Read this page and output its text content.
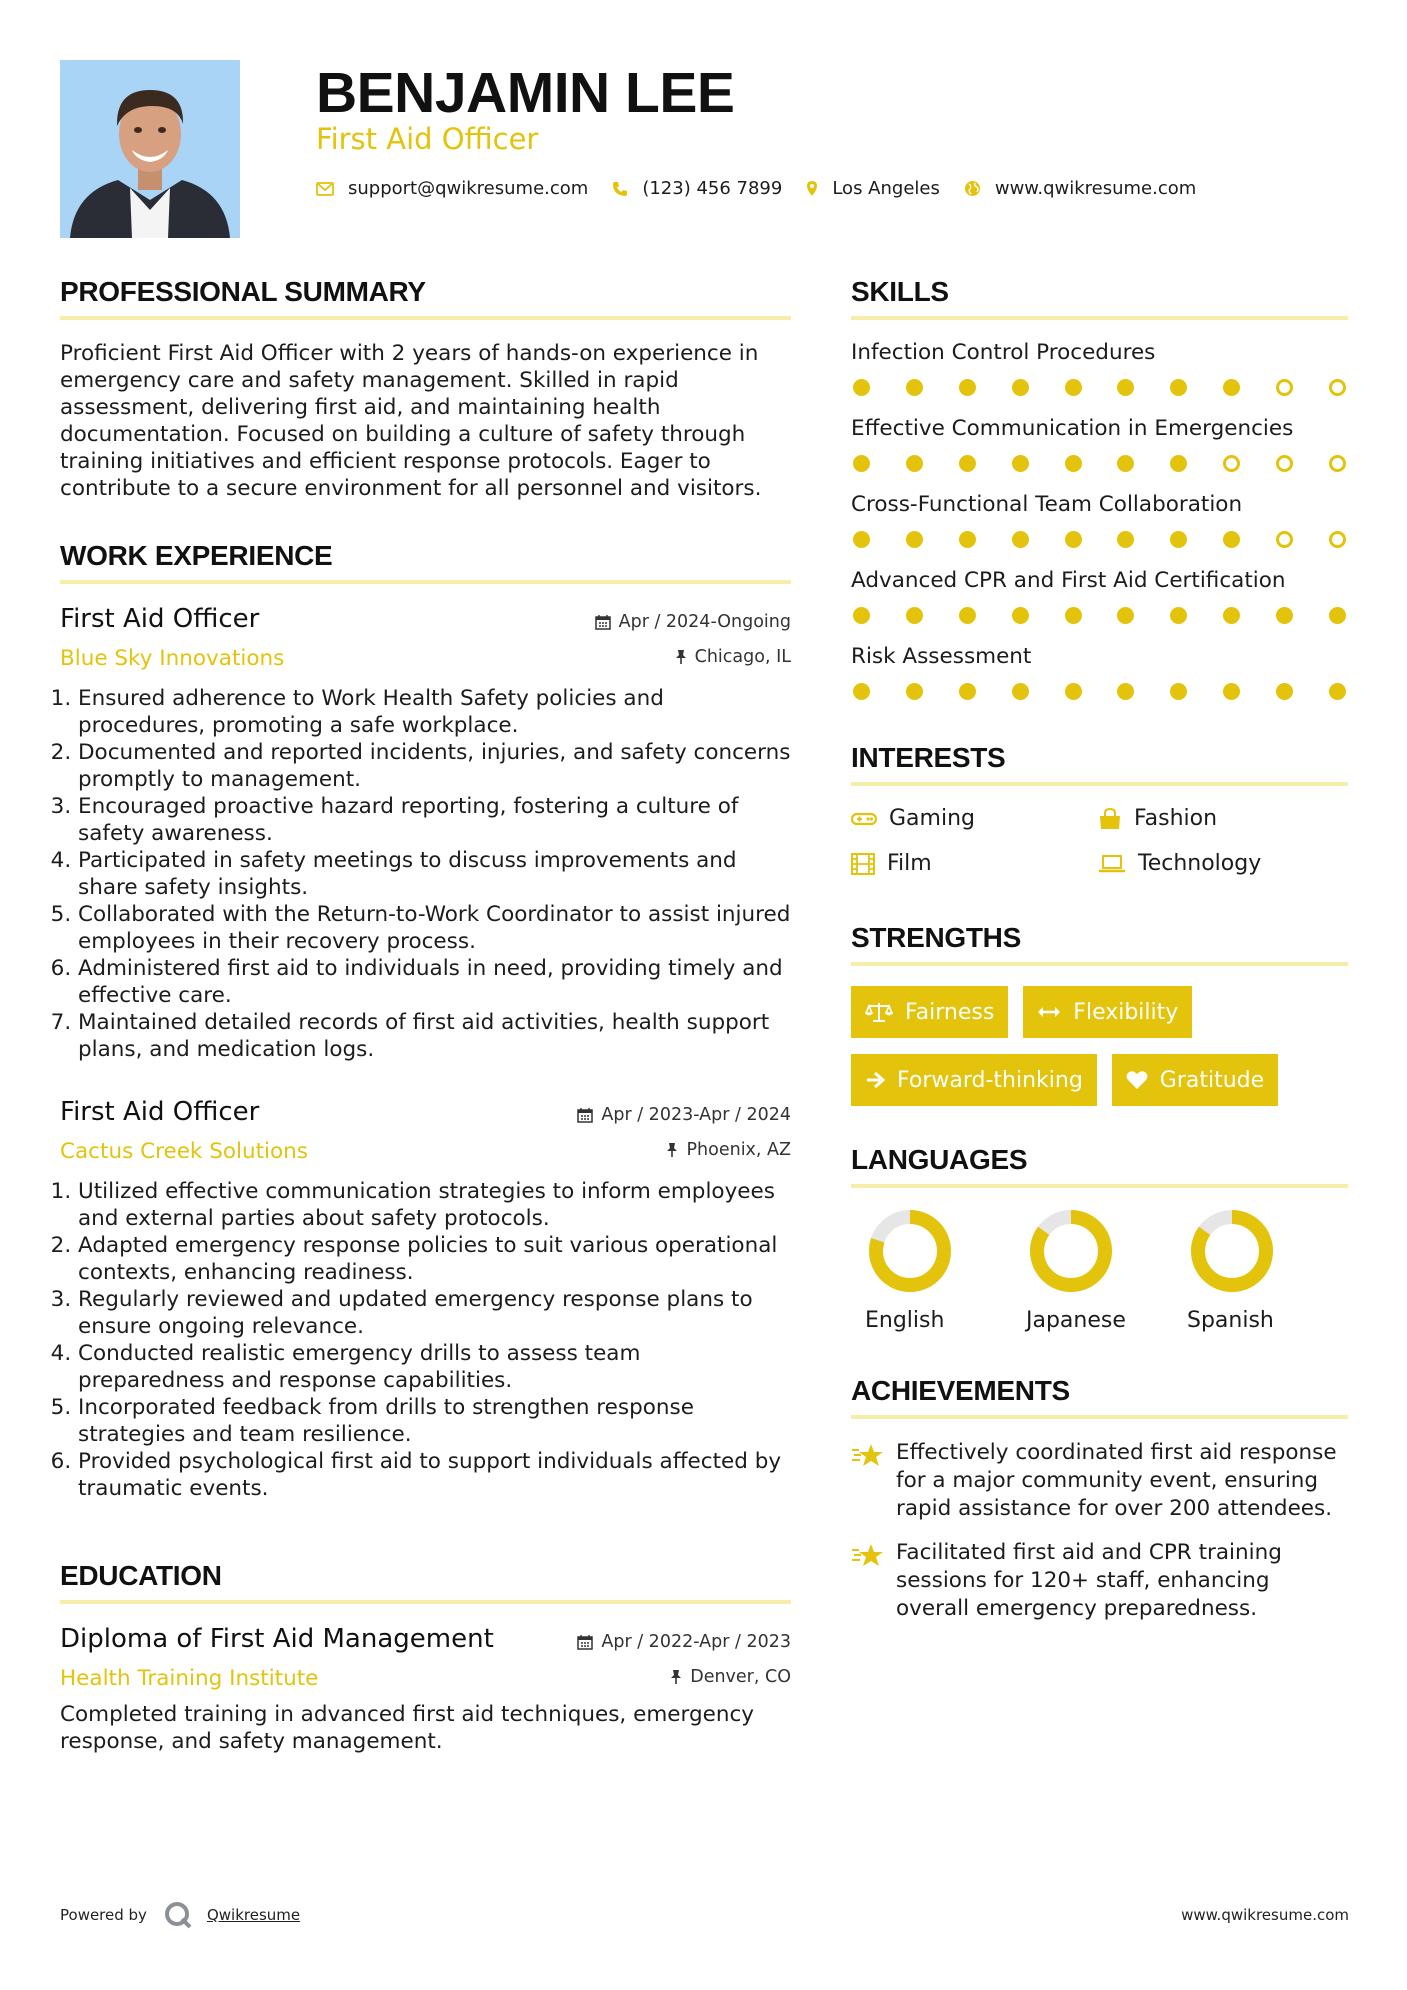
BENJAMIN LEE
First Aid Officer
support@qwikresume.com	(123) 456 7899	Los Angeles	www.qwikresume.com
PROFESSIONAL SUMMARY
Proficient First Aid Officer with 2 years of hands-on experience in emergency care and safety management. Skilled in rapid assessment, delivering first aid, and maintaining health documentation. Focused on building a culture of safety through training initiatives and efficient response protocols. Eager to contribute to a secure environment for all personnel and visitors.
WORK EXPERIENCE
First Aid Officer
Blue Sky Innovations
Apr / 2024-Ongoing
Chicago, IL
1. Ensured adherence to Work Health Safety policies and procedures, promoting a safe workplace.
2. Documented and reported incidents, injuries, and safety concerns promptly to management.
3. Encouraged proactive hazard reporting, fostering a culture of safety awareness.
4. Participated in safety meetings to discuss improvements and share safety insights.
5. Collaborated with the Return-to-Work Coordinator to assist injured employees in their recovery process.
6. Administered first aid to individuals in need, providing timely and effective care.
7. Maintained detailed records of first aid activities, health support plans, and medication logs.
First Aid Officer
Cactus Creek Solutions
Apr / 2023-Apr / 2024
Phoenix, AZ
1. Utilized effective communication strategies to inform employees and external parties about safety protocols.
2. Adapted emergency response policies to suit various operational contexts, enhancing readiness.
3. Regularly reviewed and updated emergency response plans to ensure ongoing relevance.
4. Conducted realistic emergency drills to assess team preparedness and response capabilities.
5. Incorporated feedback from drills to strengthen response strategies and team resilience.
6. Provided psychological first aid to support individuals affected by traumatic events.
EDUCATION
Diploma of First Aid Management
Health Training Institute
Apr / 2022-Apr / 2023
Denver, CO
Completed training in advanced first aid techniques, emergency response, and safety management.
SKILLS
Infection Control Procedures
Effective Communication in Emergencies
Cross-Functional Team Collaboration
Advanced CPR and First Aid Certification
Risk Assessment
INTERESTS
Gaming	Fashion
Film	Technology
STRENGTHS
Fairness	Flexibility
Forward-thinking	Gratitude
LANGUAGES
English	Japanese	Spanish
ACHIEVEMENTS
Effectively coordinated first aid response for a major community event, ensuring rapid assistance for over 200 attendees.
Facilitated first aid and CPR training sessions for 120+ staff, enhancing overall emergency preparedness.
Powered by	Qwikresume	www.qwikresume.com
